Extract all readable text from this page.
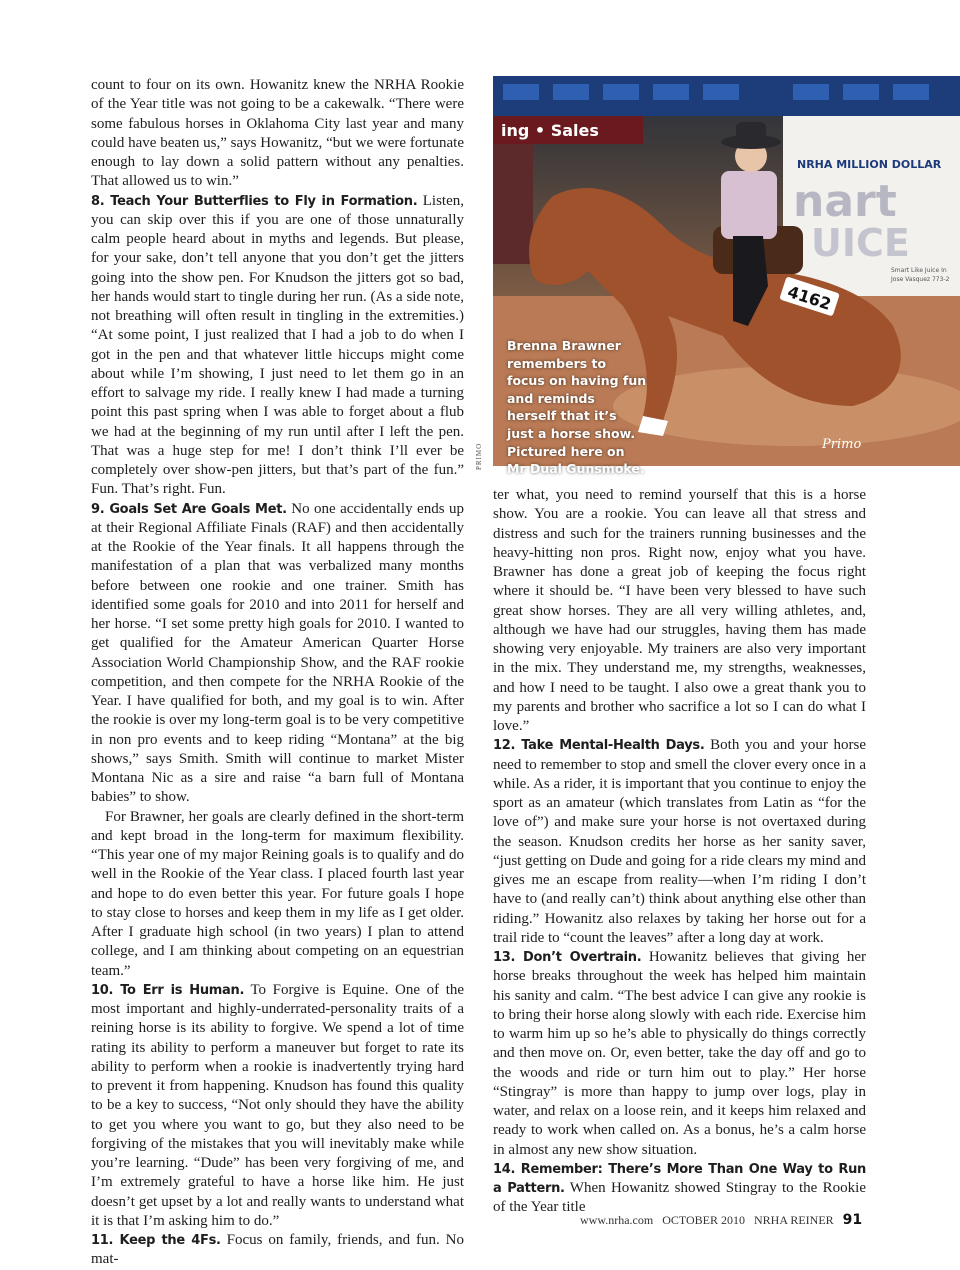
count to four on its own. Howanitz knew the NRHA Rookie of the Year title was not going to be a cakewalk. “There were some fabulous horses in Oklahoma City last year and many could have beaten us,” says Howanitz, “but we were fortunate enough to lay down a solid pattern without any penalties. That allowed us to win.”

8. Teach Your Butterflies to Fly in Formation. Listen, you can skip over this if you are one of those unnaturally calm people heard about in myths and legends. But please, for your sake, don’t tell anyone that you don’t get the jitters going into the show pen. For Knudson the jitters got so bad, her hands would start to tingle during her run. (As a side note, not breathing will often result in tingling in the extremities.) “At some point, I just realized that I had a job to do when I got in the pen and that whatever little hiccups might come about while I’m showing, I just need to let them go in an effort to salvage my ride. I really knew I had made a turning point this past spring when I was able to forget about a flub we had at the beginning of my run until after I left the pen. That was a huge step for me! I don’t think I’ll ever be completely over show-pen jitters, but that’s part of the fun.” Fun. That’s right. Fun.

9. Goals Set Are Goals Met. No one accidentally ends up at their Regional Affiliate Finals (RAF) and then accidentally at the Rookie of the Year finals. It all happens through the manifestation of a plan that was verbalized many months before between one rookie and one trainer. Smith has identified some goals for 2010 and into 2011 for herself and her horse. “I set some pretty high goals for 2010. I wanted to get qualified for the Amateur American Quarter Horse Association World Championship Show, and the RAF rookie competition, and then compete for the NRHA Rookie of the Year. I have qualified for both, and my goal is to win. After the rookie is over my long-term goal is to be very competitive in non pro events and to keep riding “Montana” at the big shows,” says Smith. Smith will continue to market Mister Montana Nic as a sire and raise “a barn full of Montana babies” to show.

For Brawner, her goals are clearly defined in the short-term and kept broad in the long-term for maximum flexibility. “This year one of my major Reining goals is to qualify and do well in the Rookie of the Year class. I placed fourth last year and hope to do even better this year. For future goals I hope to stay close to horses and keep them in my life as I get older. After I graduate high school (in two years) I plan to attend college, and I am thinking about competing on an equestrian team.”

10. To Err is Human. To Forgive is Equine. One of the most important and highly-underrated-personality traits of a reining horse is its ability to forgive. We spend a lot of time rating its ability to perform a maneuver but forget to rate its ability to perform when a rookie is inadvertently trying hard to prevent it from happening. Knudson has found this quality to be a key to success, “Not only should they have the ability to get you where you want to go, but they also need to be forgiving of the mistakes that you will inevitably make while you’re learning. “Dude” has been very forgiving of me, and I’m extremely grateful to have a horse like him. He just doesn’t get upset by a lot and really wants to understand what it is that I’m asking him to do.”

11. Keep the 4Fs. Focus on family, friends, and fun. No mat-

ing • Sales
NRHA MILLION DOLLAR
nart
UICE
Smart Like Juice In
Jose Vasquez 773-2
4162
Brenna Brawner remembers to focus on having fun and reminds herself that it’s just a horse show. Pictured here on Mr Dual Gunsmoke.
Primo
PRIMO

ter what, you need to remind yourself that this is a horse show. You are a rookie. You can leave all that stress and distress and such for the trainers running businesses and the heavy-hitting non pros. Right now, enjoy what you have. Brawner has done a great job of keeping the focus right where it should be. “I have been very blessed to have such great show horses. They are all very willing athletes, and, although we have had our struggles, having them has made showing very enjoyable. My trainers are also very important in the mix. They understand me, my strengths, weaknesses, and how I need to be taught. I also owe a great thank you to my parents and brother who sacrifice a lot so I can do what I love.”

12. Take Mental-Health Days. Both you and your horse need to remember to stop and smell the clover every once in a while. As a rider, it is important that you continue to enjoy the sport as an amateur (which translates from Latin as “for the love of”) and make sure your horse is not overtaxed during the season. Knudson credits her horse as her sanity saver, “just getting on Dude and going for a ride clears my mind and gives me an escape from reality—when I’m riding I don’t have to (and really can’t) think about anything else other than riding.” Howanitz also relaxes by taking her horse out for a trail ride to “count the leaves” after a long day at work.

13. Don’t Overtrain. Howanitz believes that giving her horse breaks throughout the week has helped him maintain his sanity and calm. “The best advice I can give any rookie is to bring their horse along slowly with each ride. Exercise him to warm him up so he’s able to physically do things correctly and then move on. Or, even better, take the day off and go to the woods and ride or turn him out to play.” Her horse “Stingray” is more than happy to jump over logs, play in water, and relax on a loose rein, and it keeps him relaxed and ready to work when called on. As a bonus, he’s a calm horse in almost any new show situation.

14. Remember: There’s More Than One Way to Run a Pattern. When Howanitz showed Stingray to the Rookie of the Year title

www.nrha.com OCTOBER 2010 NRHA REINER 91
